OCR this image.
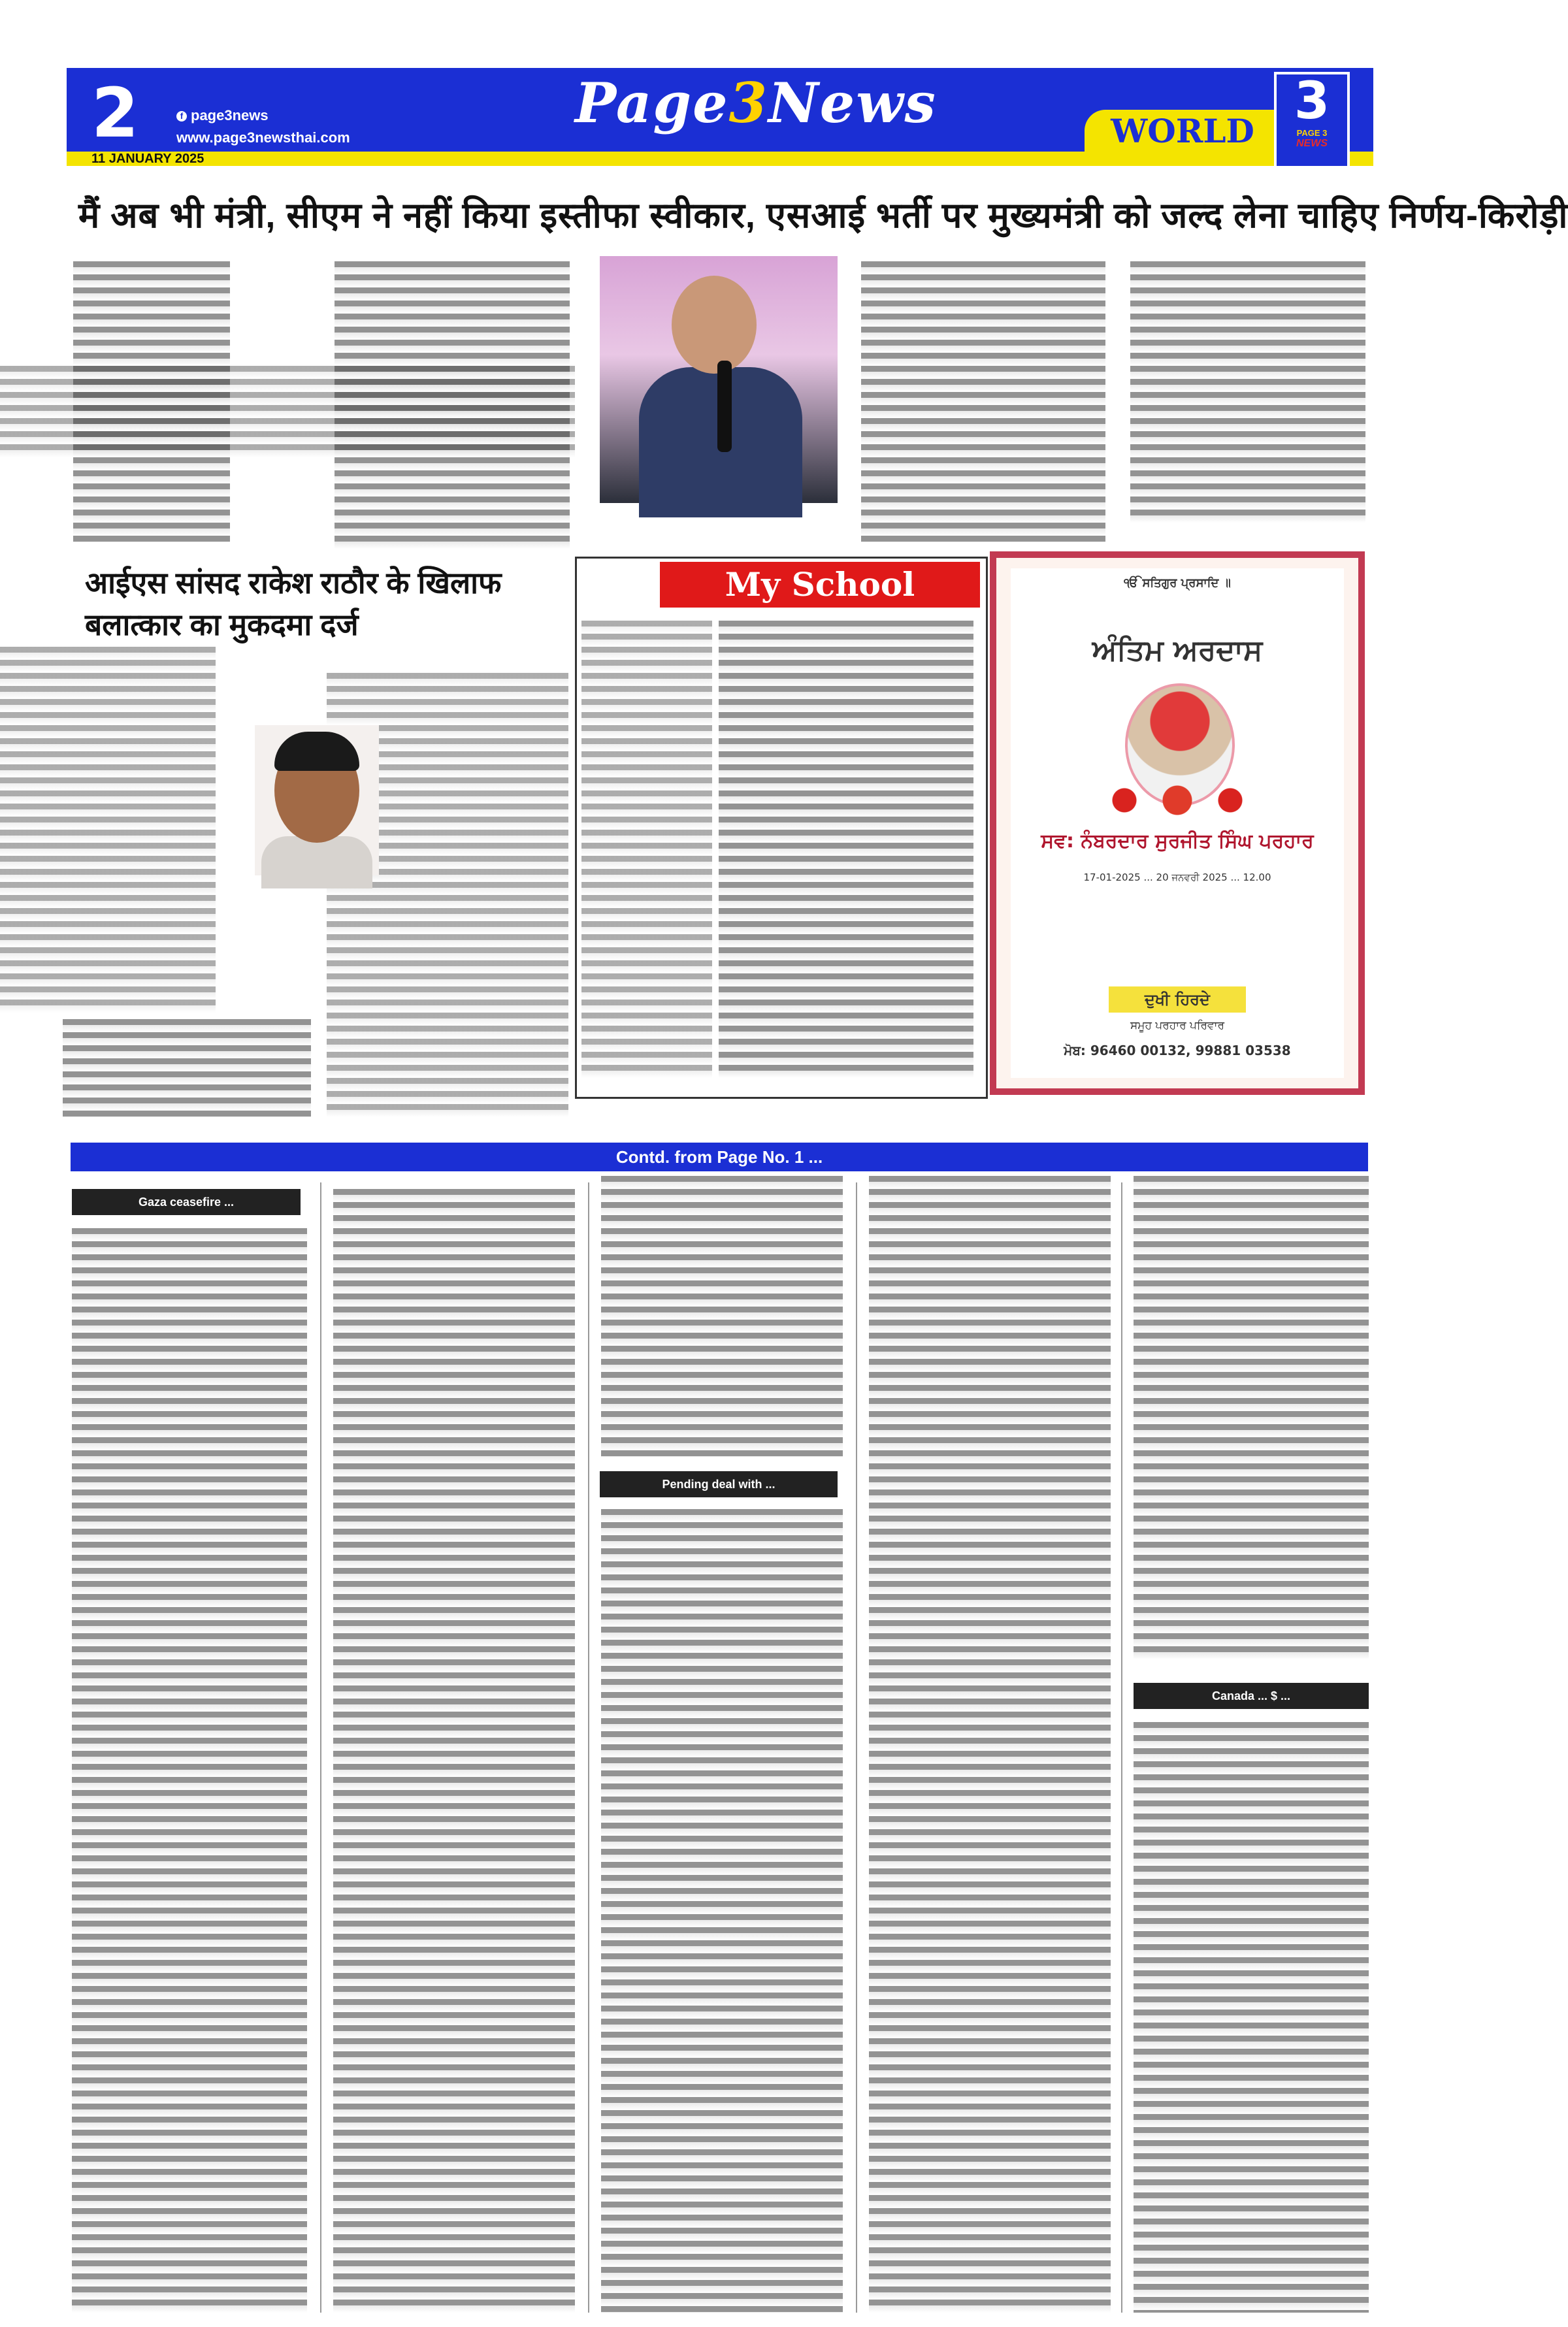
2	f page3news
www.page3newsthai.com
Page3News	WORLD
3
PAGE 3
NEWS
11 JANUARY 2025
मैं अब भी मंत्री, सीएम ने नहीं किया इस्तीफा स्वीकार, एसआई भर्ती पर मुख्यमंत्री को जल्द लेना चाहिए निर्णय-किरोड़ी
आईएस सांसद राकेश राठौर के खिलाफ बलात्कार का मुकदमा दर्ज
My School	ੴ ਸਤਿਗੁਰ ਪ੍ਰਸਾਦਿ ॥
ਅੰਤਿਮ ਅਰਦਾਸ
ਸਵ: ਨੰਬਰਦਾਰ ਸੁਰਜੀਤ ਸਿੰਘ ਪਰਹਾਰ
17-01-2025 ... 20 ਜਨਵਰੀ 2025 ... 12.00
ਦੁਖੀ ਹਿਰਦੇ
ਸਮੂਹ ਪਰਹਾਰ ਪਰਿਵਾਰ
ਮੋਬ: 96460 00132, 99881 03538
Contd. from Page No. 1 ...
Gaza ceasefire ...
Pending deal with ...
Canada ... $ ...
